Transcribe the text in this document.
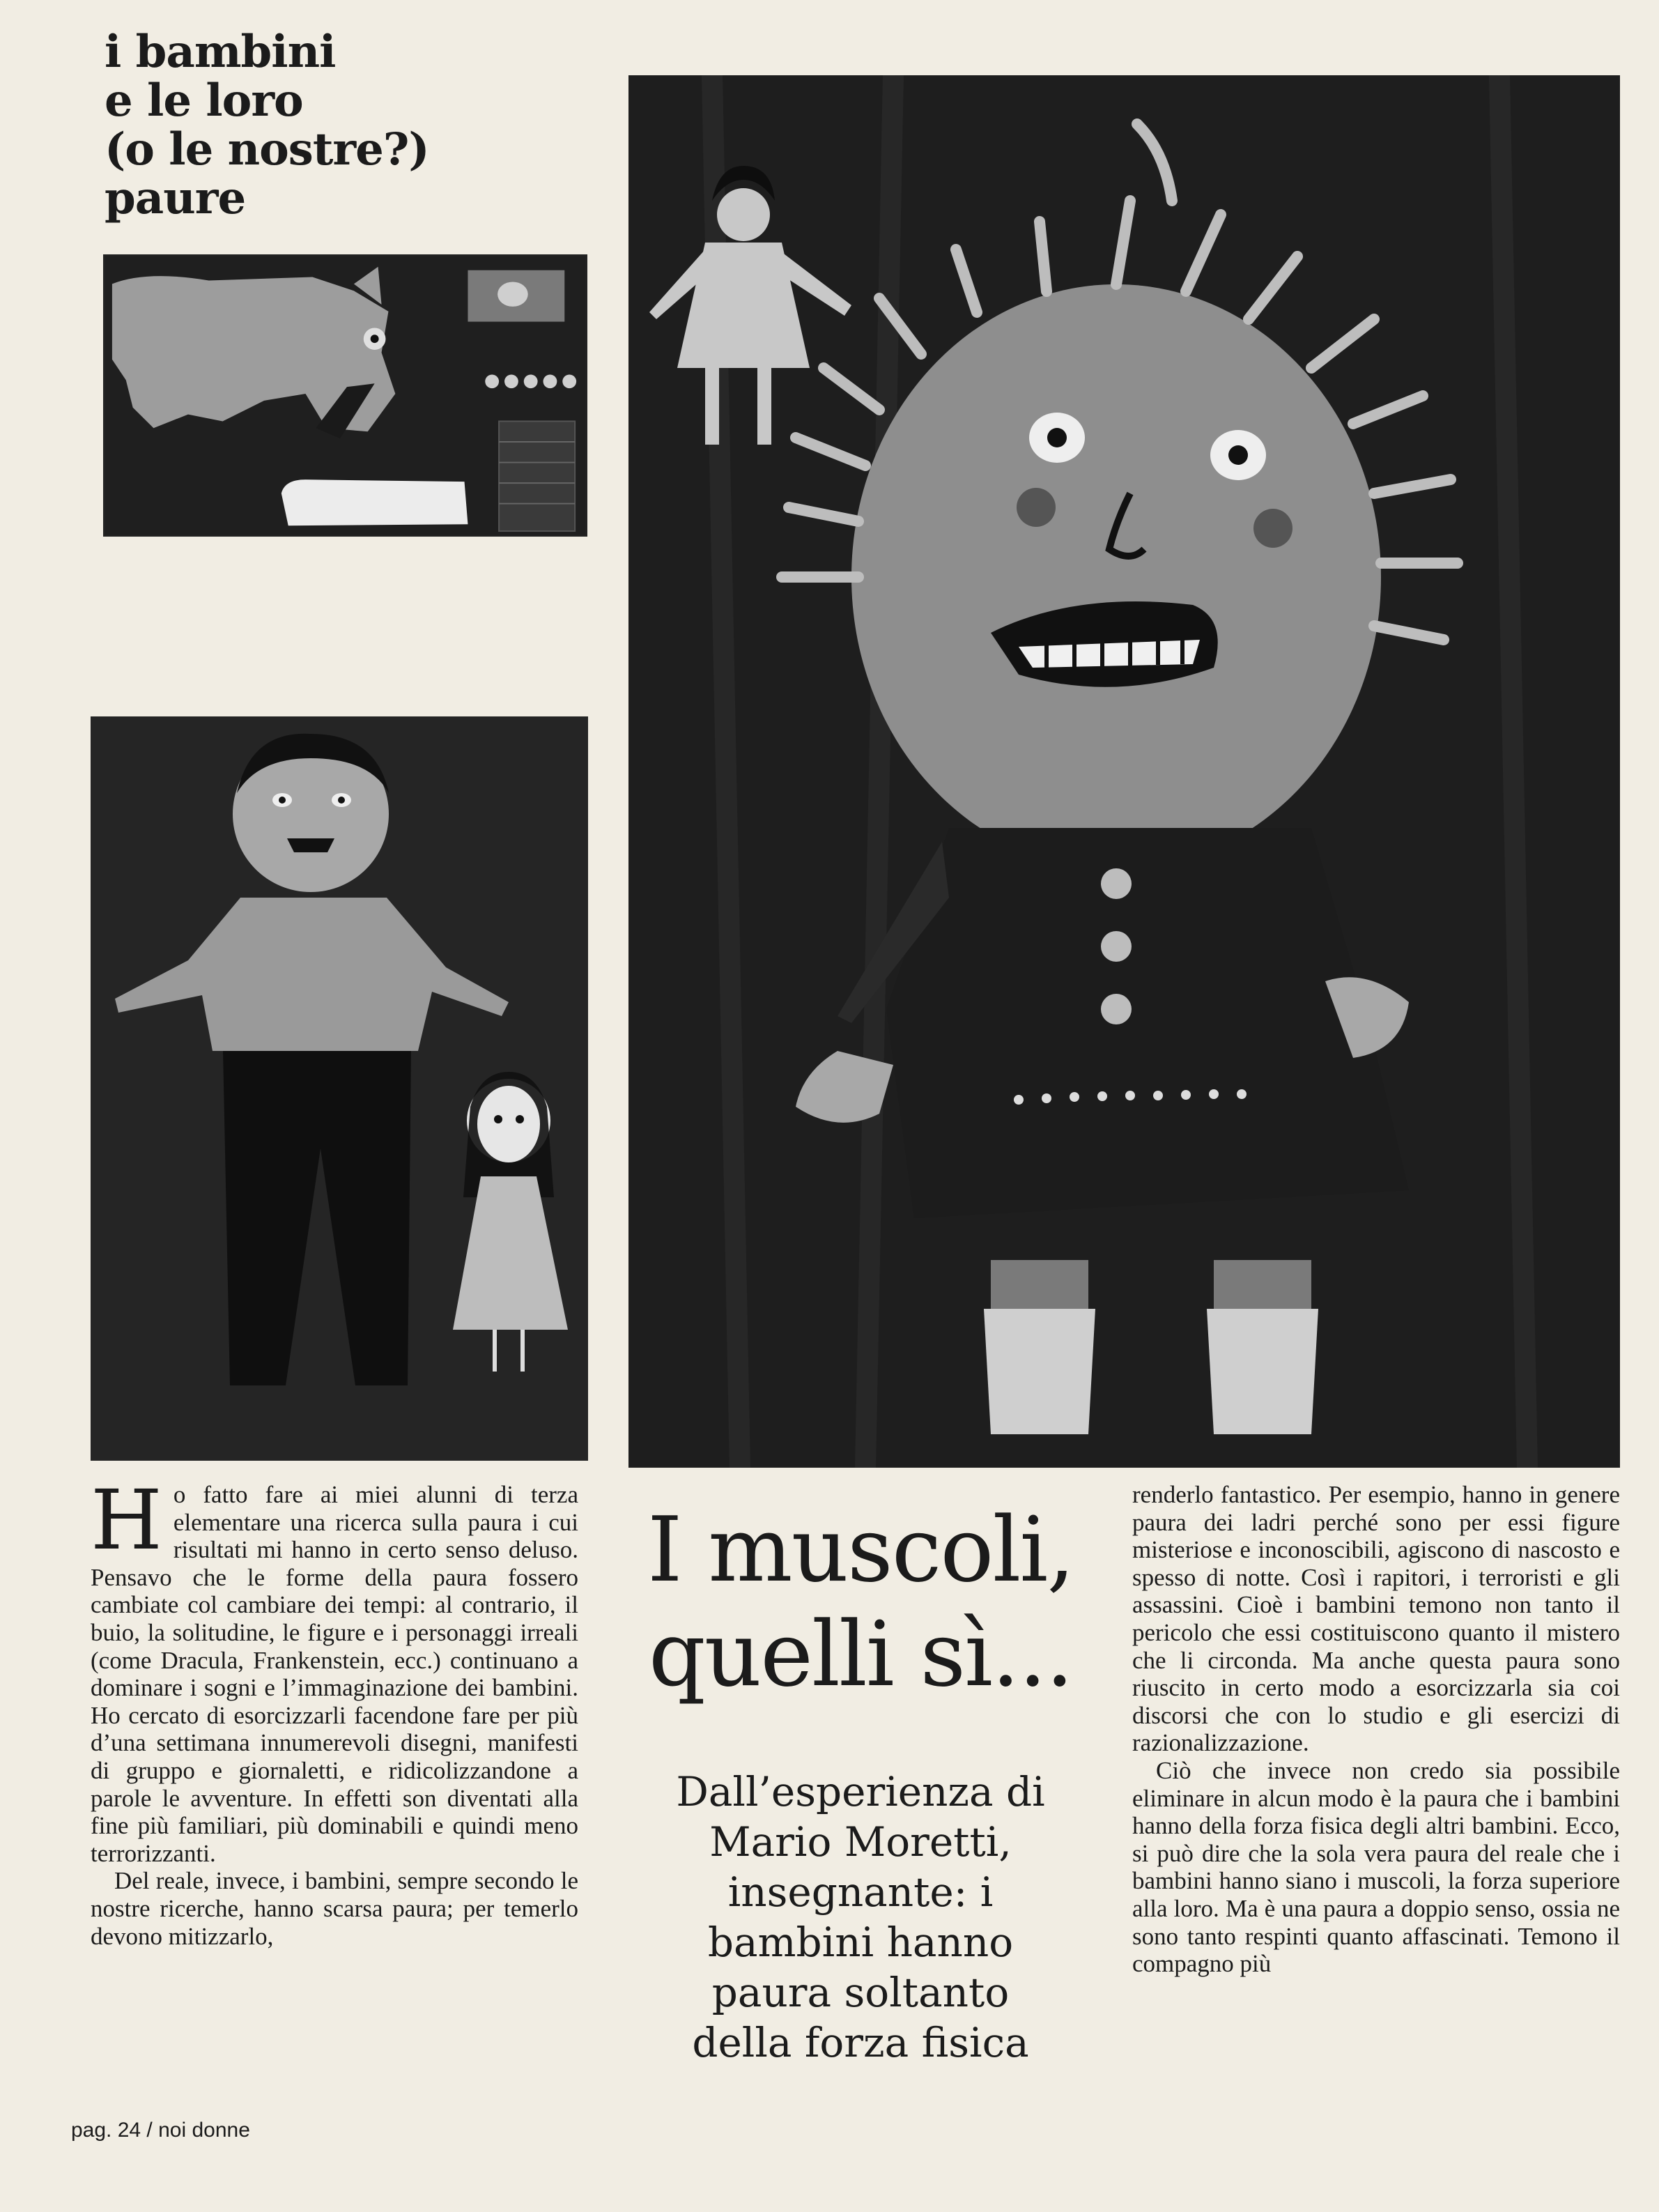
i bambini
e le loro
(o le nostre?)
paure

Ho fatto fare ai miei alunni di terza elementare una ricerca sulla paura i cui risultati mi hanno in certo senso deluso. Pensavo che le forme della paura fossero cambiate col cambiare dei tempi: al contrario, il buio, la solitudine, le figure e i personaggi irreali (come Dracula, Frankenstein, ecc.) continuano a dominare i sogni e l’immaginazione dei bambini. Ho cercato di esorcizzarli facendone fare per più d’una settimana innumerevoli disegni, manifesti di gruppo e giornaletti, e ridicolizzandone a parole le avventure. In effetti son diventati alla fine più familiari, più dominabili e quindi meno terrorizzanti.

Del reale, invece, i bambini, sempre secondo le nostre ricerche, hanno scarsa paura; per temerlo devono mitizzarlo,

I muscoli,
quelli sì...
Dall’esperienza di
Mario Moretti,
insegnante: i
bambini hanno
paura soltanto
della forza fisica

renderlo fantastico. Per esempio, hanno in genere paura dei ladri perché sono per essi figure misteriose e inconoscibili, agiscono di nascosto e spesso di notte. Così i rapitori, i terroristi e gli assassini. Cioè i bambini temono non tanto il pericolo che essi costituiscono quanto il mistero che li circonda. Ma anche questa paura sono riuscito in certo modo a esorcizzarla sia coi discorsi che con lo studio e gli esercizi di razionalizzazione.

Ciò che invece non credo sia possibile eliminare in alcun modo è la paura che i bambini hanno della forza fisica degli altri bambini. Ecco, si può dire che la sola vera paura del reale che i bambini hanno siano i muscoli, la forza superiore alla loro. Ma è una paura a doppio senso, ossia ne sono tanto respinti quanto affascinati. Temono il compagno più

pag. 24 / noi donne
